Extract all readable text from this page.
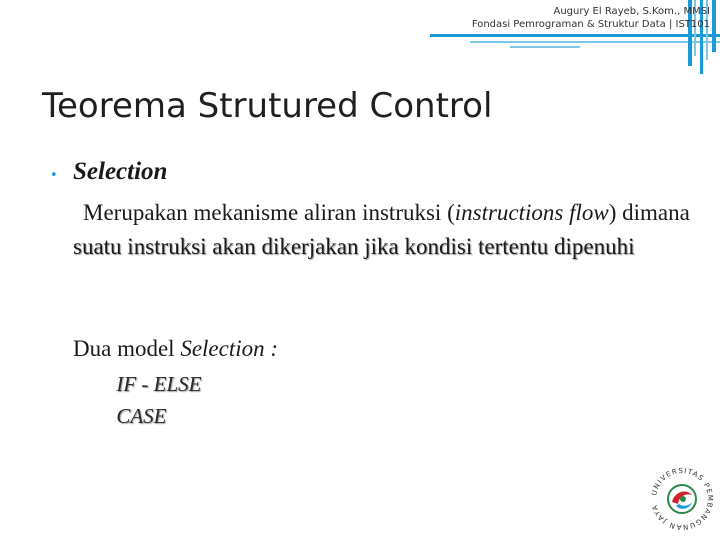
Augury El Rayeb, S.Kom., MMSI
Fondasi Pemrograman & Struktur Data | IST101
Teorema Strutured Control
• Selection
Merupakan mekanisme aliran instruksi (instructions flow) dimana suatu instruksi akan dikerjakan jika kondisi tertentu dipenuhi
Dua model Selection :
 IF - ELSE
 CASE
UNIVERSITAS PEMBANGUNAN JAYA
